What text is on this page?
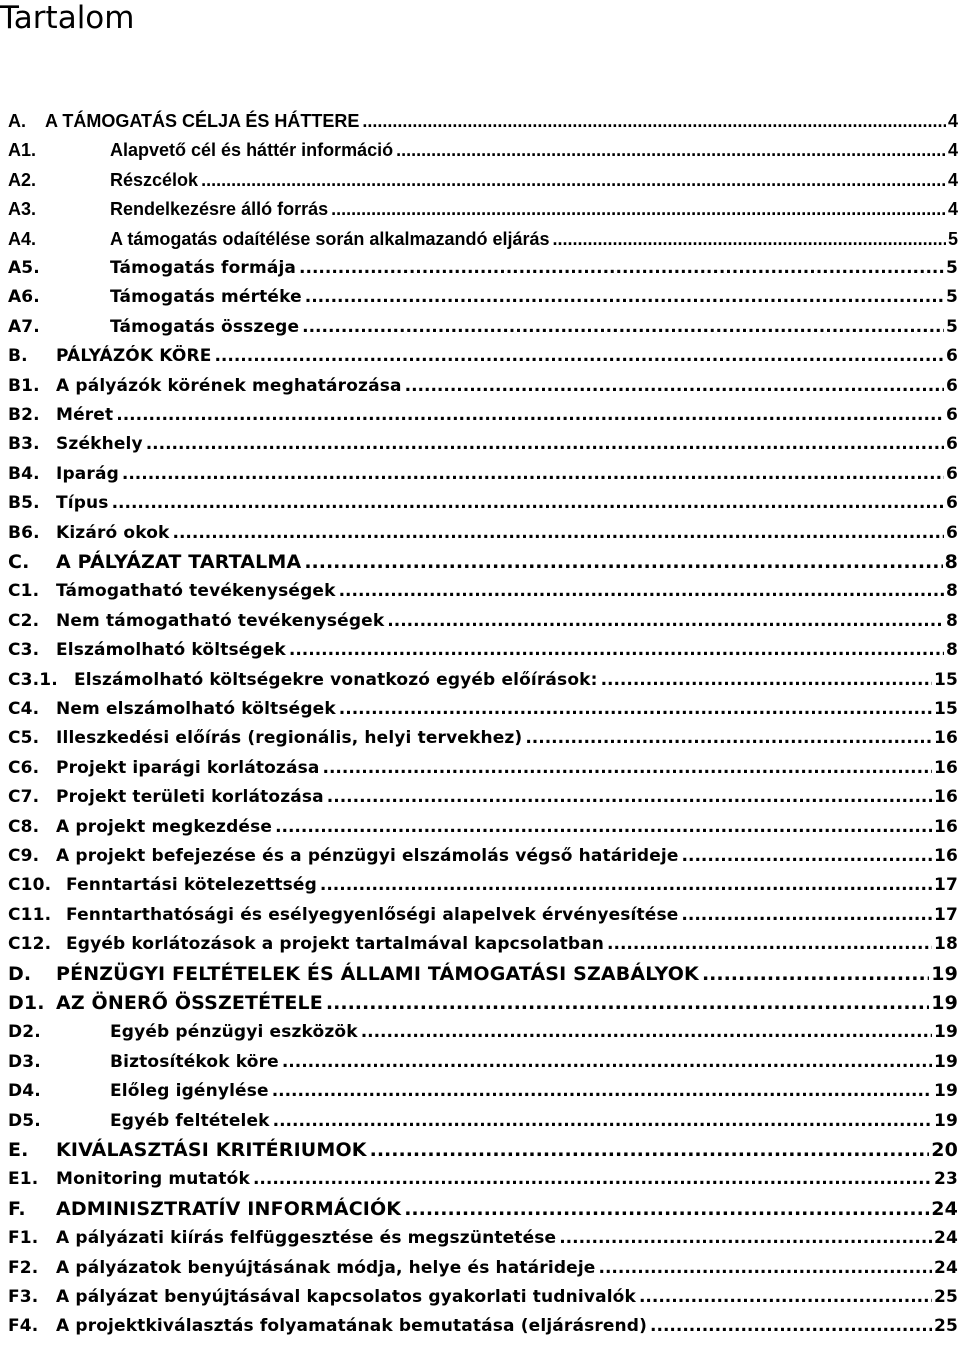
Tartalom
A.	A TÁMOGATÁS CÉLJA ÉS HÁTTERE .....	4
A1.	Alapvető cél és háttér információ .....	4
A2.	Részcélok .....	4
A3.	Rendelkezésre álló forrás .....	4
A4.	A támogatás odaítélése során alkalmazandó eljárás .....	5
A5.	Támogatás formája .....	5
A6.	Támogatás mértéke .....	5
A7.	Támogatás összege .....	5
B.	PÁLYÁZÓK KÖRE .....	6
B1. A pályázók körének meghatározása .....	6
B2. Méret .....	6
B3. Székhely .....	6
B4. Iparág .....	6
B5. Típus .....	6
B6. Kizáró okok .....	6
C.	A PÁLYÁZAT TARTALMA .....	8
C1. Támogatható tevékenységek .....	8
C2. Nem támogatható tevékenységek .....	8
C3. Elszámolható költségek .....	8
C3.1. Elszámolható költségekre vonatkozó egyéb előírások: .....	15
C4. Nem elszámolható költségek .....	15
C5. Illeszkedési előírás (regionális, helyi tervekhez) .....	16
C6. Projekt iparági korlátozása .....	16
C7. Projekt területi korlátozása .....	16
C8. A projekt megkezdése .....	16
C9. A projekt befejezése és a pénzügyi elszámolás végső határideje .....	16
C10. Fenntartási kötelezettség .....	17
C11. Fenntarthatósági és esélyegyenlőségi alapelvek érvényesítése .....	17
C12. Egyéb korlátozások a projekt tartalmával kapcsolatban .....	18
D.	PÉNZÜGYI FELTÉTELEK ÉS ÁLLAMI TÁMOGATÁSI SZABÁLYOK .....	19
D1. AZ ÖNERŐ ÖSSZETÉTELE .....	19
D2.	Egyéb pénzügyi eszközök .....	19
D3.	Biztosítékok köre .....	19
D4.	Előleg igénylése .....	19
D5.	Egyéb feltételek .....	19
E.	KIVÁLASZTÁSI KRITÉRIUMOK .....	20
E1.	Monitoring mutatók .....	23
F.	ADMINISZTRATÍV INFORMÁCIÓK .....	24
F1.	A pályázati kiírás felfüggesztése és megszüntetése .....	24
F2.	A pályázatok benyújtásának módja, helye és határideje .....	24
F3.	A pályázat benyújtásával kapcsolatos gyakorlati tudnivalók .....	25
F4.	A projektkiválasztás folyamatának bemutatása (eljárásrend) .....	25
